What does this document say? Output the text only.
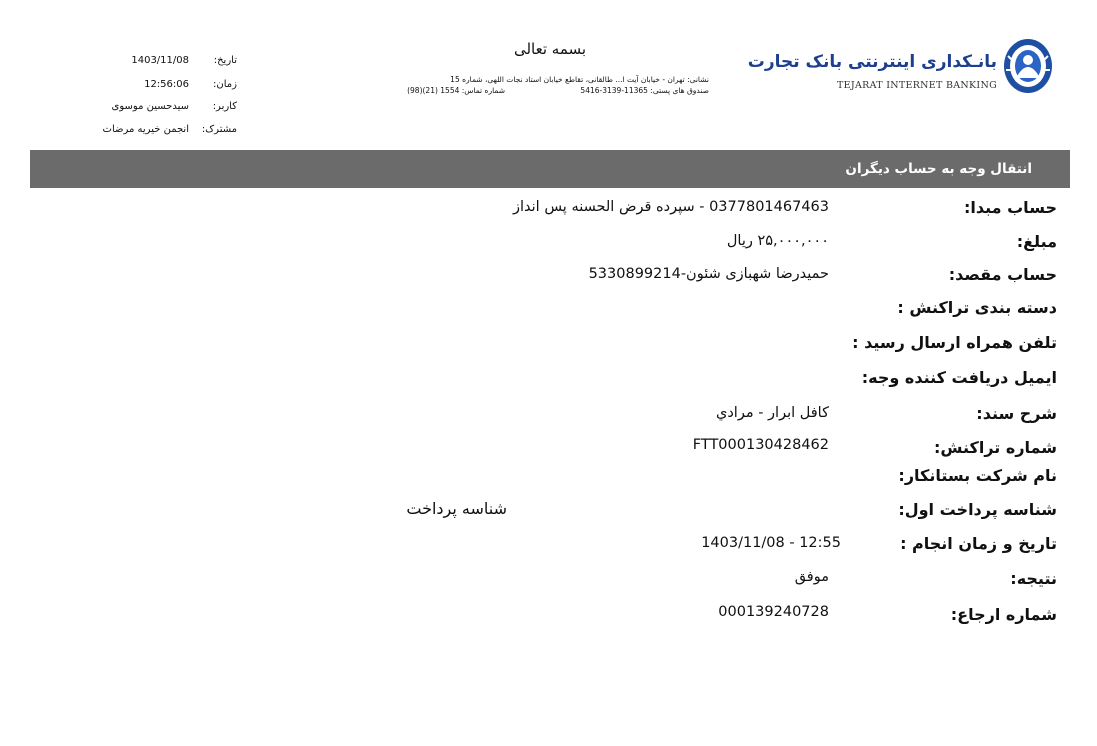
بانـکداری اینترنتی بانک تجارت
TEJARAT INTERNET BANKING
بسمه تعالی
نشانی: تهران - خیابان آیت ا... طالقانی، تقاطع خیابان استاد نجات اللهی، شماره 15
صندوق های پستی: 11365-3139-5416
شماره تماس: 1554 (21)(98)
تاریخ:
1403/11/08
زمان:
12:56:06
کاربر:
سیدحسین موسوی
مشترک:
انجمن خیریه مرضات
انتقال وجه به حساب دیگران
حساب مبدا:
0377801467463 - سپرده قرض الحسنه پس انداز
مبلغ:
۲۵,۰۰۰,۰۰۰ ریال
حساب مقصد:
حمیدرضا شهبازی شئون-5330899214
دسته بندی تراکنش :
تلفن همراه ارسال رسید :
ایمیل دریافت کننده وجه:
شرح سند:
کافل ابرار - مرادي
شماره تراکنش:
FTT000130428462
نام شرکت بستانکار:
شناسه پرداخت اول:
شناسه پرداخت
تاریخ و زمان انجام :
1403/11/08 - 12:55
نتیجه:
موفق
شماره ارجاع:
000139240728
